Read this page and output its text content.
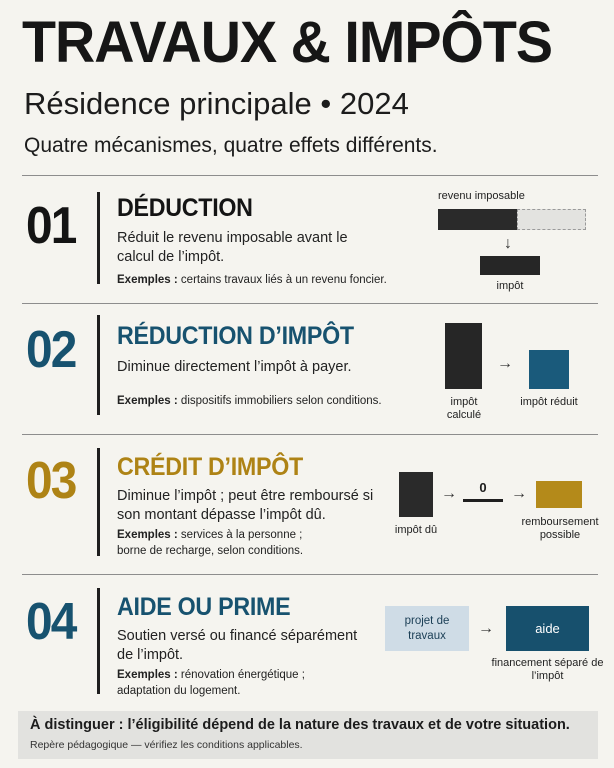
TRAVAUX & IMPÔTS
Résidence principale • 2024
Quatre mécanismes, quatre effets différents.
01 DÉDUCTION
Réduit le revenu imposable avant le calcul de l’impôt.
Exemples : certains travaux liés à un revenu foncier.
revenu imposable
↓
impôt
02 RÉDUCTION D’IMPÔT
Diminue directement l’impôt à payer.
Exemples : dispositifs immobiliers selon conditions.
→
impôt calculé
impôt réduit
03 CRÉDIT D’IMPÔT
Diminue l’impôt ; peut être remboursé si son montant dépasse l’impôt dû.
Exemples : services à la personne ; borne de recharge, selon conditions.
→	0	→
impôt dû
remboursement possible
04 AIDE OU PRIME
Soutien versé ou financé séparément de l’impôt.
Exemples : rénovation énergétique ; adaptation du logement.
projet de travaux	→	aide
financement séparé de l’impôt
À distinguer : l’éligibilité dépend de la nature des travaux et de votre situation.
Repère pédagogique — vérifiez les conditions applicables.
